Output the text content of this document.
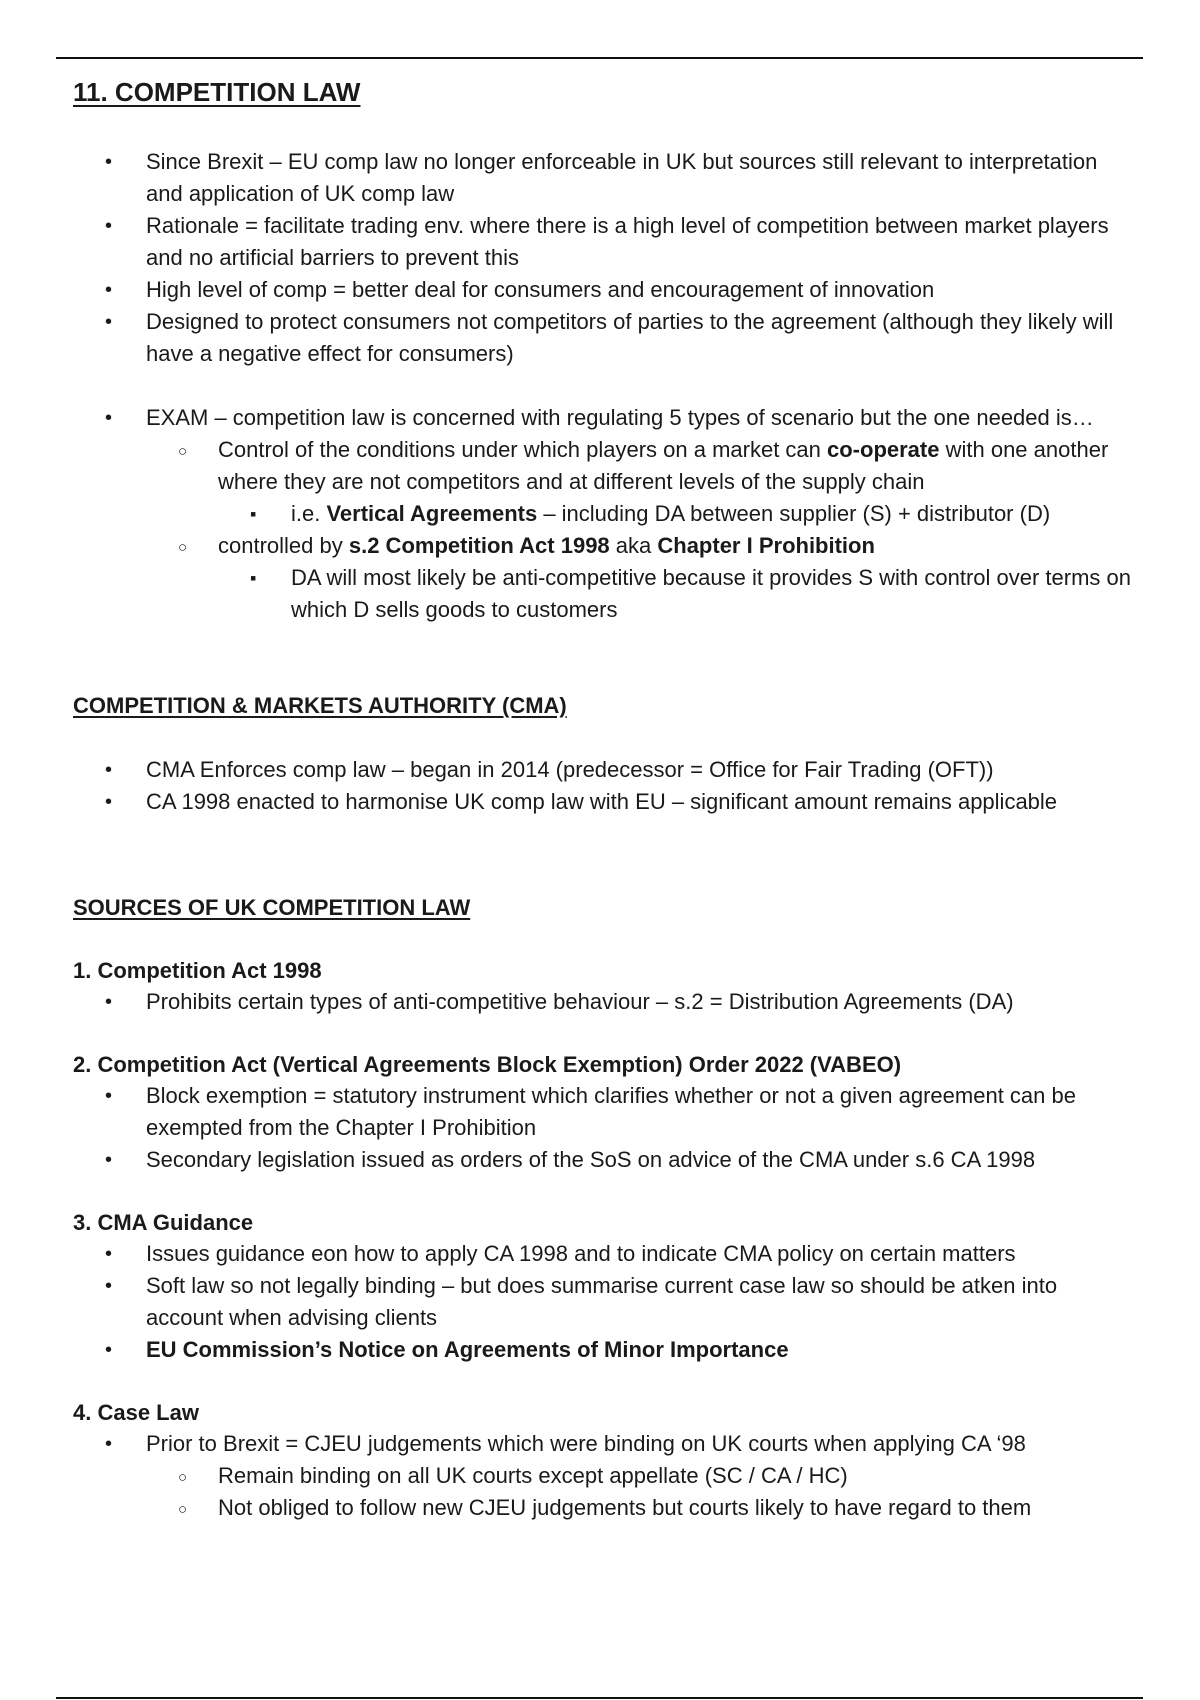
11. COMPETITION LAW
• Since Brexit – EU comp law no longer enforceable in UK but sources still relevant to interpretation and application of UK comp law
• Rationale = facilitate trading env. where there is a high level of competition between market players and no artificial barriers to prevent this
• High level of comp = better deal for consumers and encouragement of innovation
• Designed to protect consumers not competitors of parties to the agreement (although they likely will have a negative effect for consumers)
• EXAM – competition law is concerned with regulating 5 types of scenario but the one needed is…
○ Control of the conditions under which players on a market can co-operate with one another where they are not competitors and at different levels of the supply chain
▪ i.e. Vertical Agreements – including DA between supplier (S) + distributor (D)
○ controlled by s.2 Competition Act 1998 aka Chapter I Prohibition
▪ DA will most likely be anti-competitive because it provides S with control over terms on which D sells goods to customers
COMPETITION & MARKETS AUTHORITY (CMA)
• CMA Enforces comp law – began in 2014 (predecessor = Office for Fair Trading (OFT))
• CA 1998 enacted to harmonise UK comp law with EU – significant amount remains applicable
SOURCES OF UK COMPETITION LAW
1. Competition Act 1998
• Prohibits certain types of anti-competitive behaviour – s.2 = Distribution Agreements (DA)
2. Competition Act (Vertical Agreements Block Exemption) Order 2022 (VABEO)
• Block exemption = statutory instrument which clarifies whether or not a given agreement can be exempted from the Chapter I Prohibition
• Secondary legislation issued as orders of the SoS on advice of the CMA under s.6 CA 1998
3. CMA Guidance
• Issues guidance eon how to apply CA 1998 and to indicate CMA policy on certain matters
• Soft law so not legally binding – but does summarise current case law so should be atken into account when advising clients
• EU Commission’s Notice on Agreements of Minor Importance
4. Case Law
• Prior to Brexit = CJEU judgements which were binding on UK courts when applying CA ‘98
○ Remain binding on all UK courts except appellate (SC / CA / HC)
○ Not obliged to follow new CJEU judgements but courts likely to have regard to them
